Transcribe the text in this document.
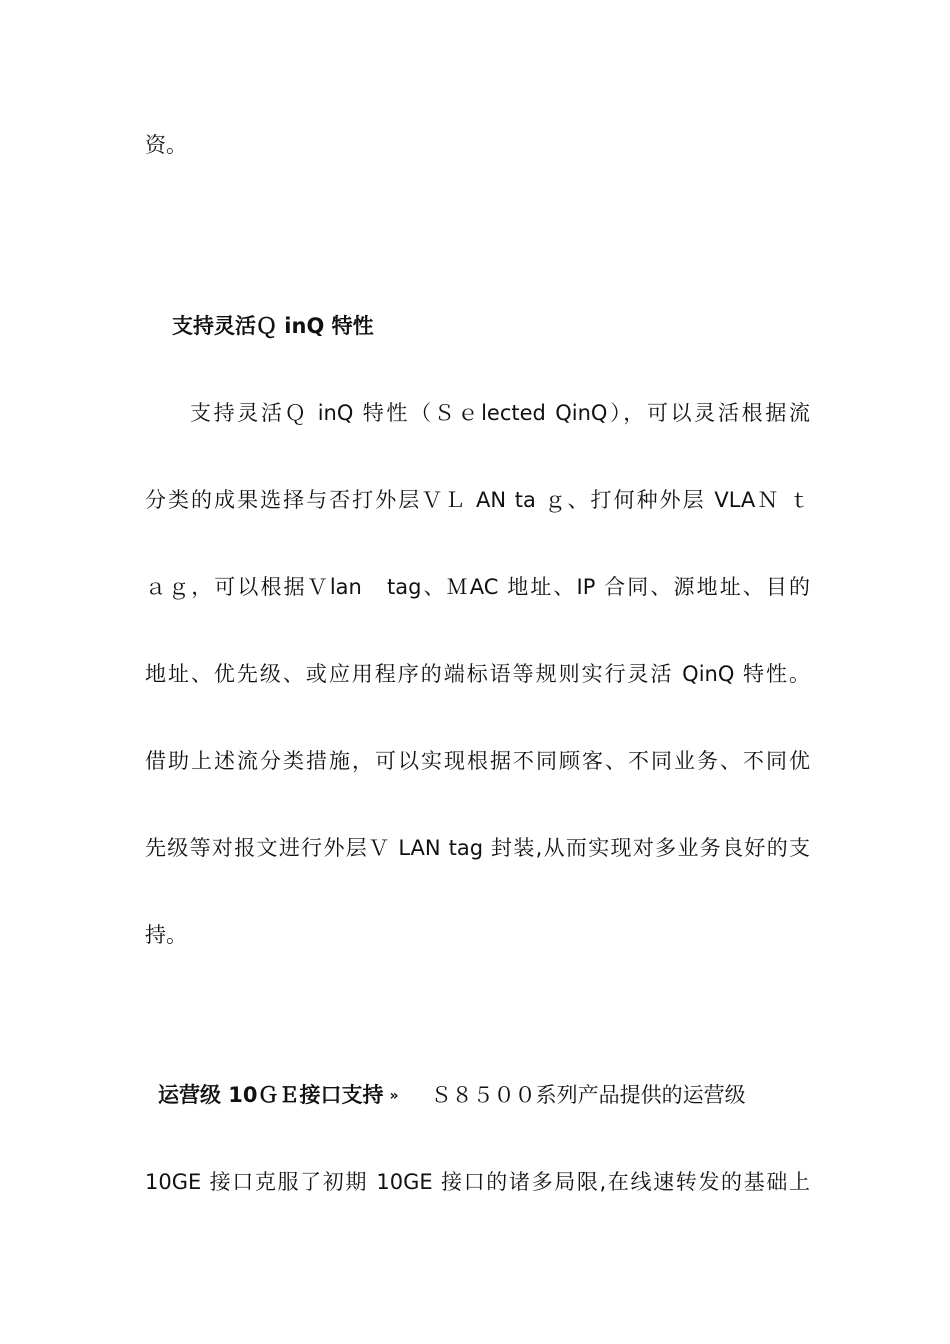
资。
支持灵活Ｑ inQ 特性
支持灵活Ｑ inQ 特性（Ｓｅlected QinQ），可以灵活根据流
分类的成果选择与否打外层ＶＬ AN ta ｇ、打何种外层 VLAＮ ｔ
ａｇ，可以根据Ｖlan　tag、ＭAC 地址、IP 合同、源地址、目的
地址、优先级、或应用程序的端标语等规则实行灵活 QinQ 特性。
借助上述流分类措施，可以实现根据不同顾客、不同业务、不同优
先级等对报文进行外层Ｖ LAN tag 封装,从而实现对多业务良好的支
持。
运营级 10ＧＥ接口支持 » Ｓ８５００系列产品提供的运营级
10GE 接口克服了初期 10GE 接口的诸多局限,在线速转发的基础上
